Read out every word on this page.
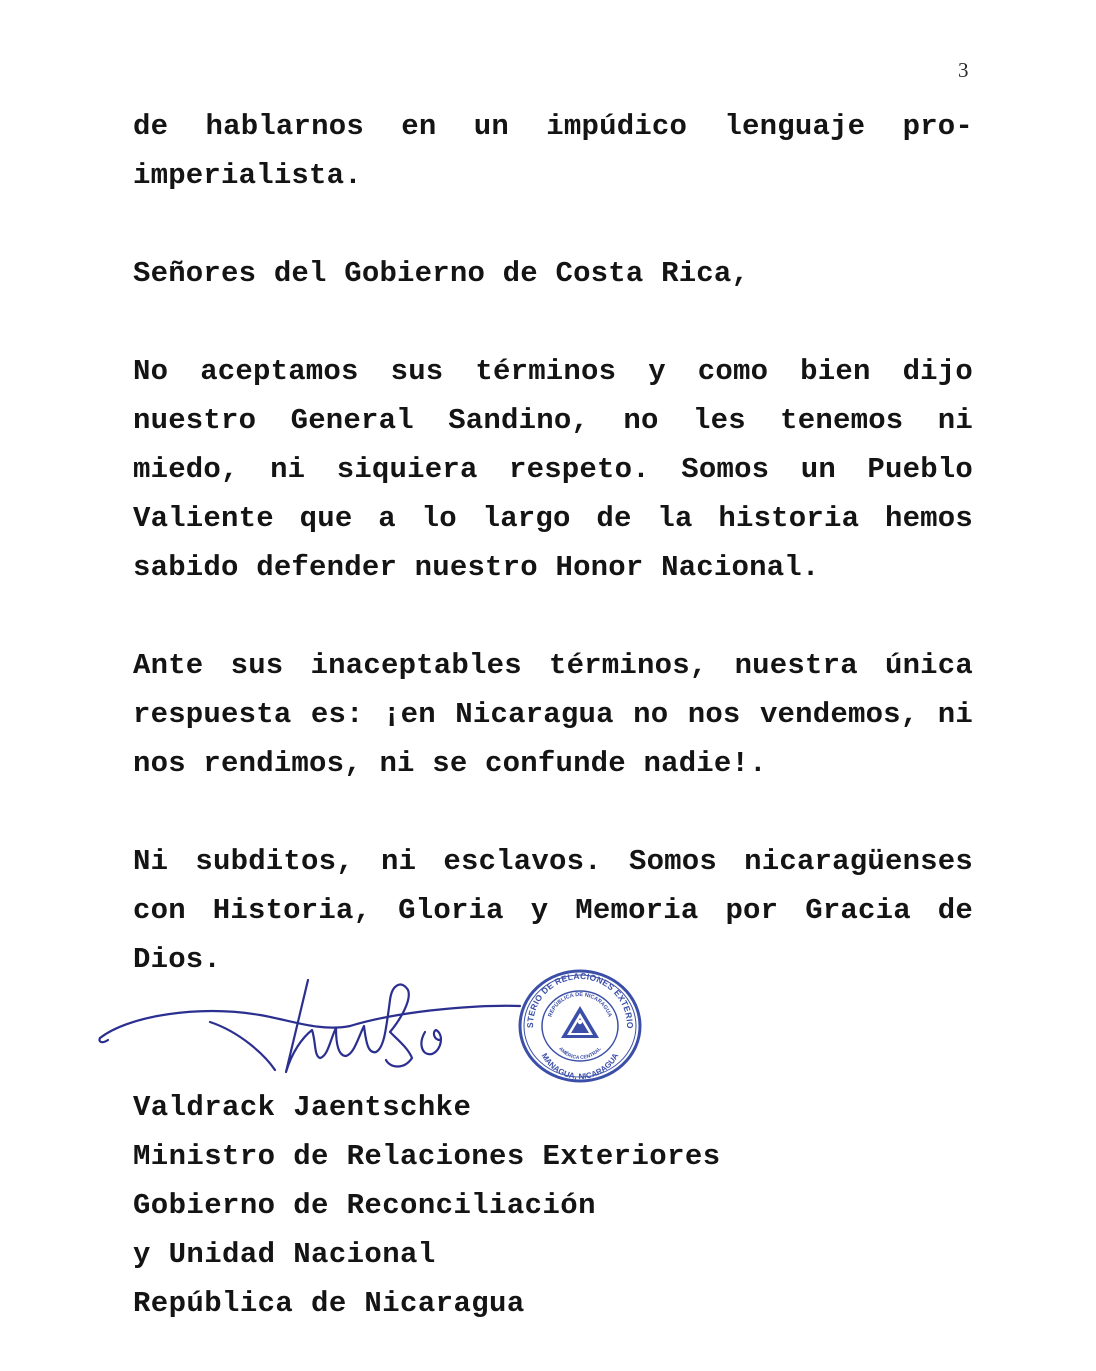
3

de hablarnos en un impúdico lenguaje pro-imperialista.

Señores del Gobierno de Costa Rica,

No aceptamos sus términos y como bien dijo nuestro General Sandino, no les tenemos ni miedo, ni siquiera respeto. Somos un Pueblo Valiente que a lo largo de la historia hemos sabido defender nuestro Honor Nacional.

Ante sus inaceptables términos, nuestra única respuesta es: ¡en Nicaragua no nos vendemos, ni nos rendimos, ni se confunde nadie!.

Ni subditos, ni esclavos. Somos nicaragüenses con Historia, Gloria y Memoria por Gracia de Dios.

STERIO DE RELACIONES EXTERIO
MANAGUA, NICARAGUA
REPÚBLICA DE NICARAGUA
AMÉRICA CENTRAL
Valdrack Jaentschke
Ministro de Relaciones Exteriores
Gobierno de Reconciliación
y Unidad Nacional
República de Nicaragua
